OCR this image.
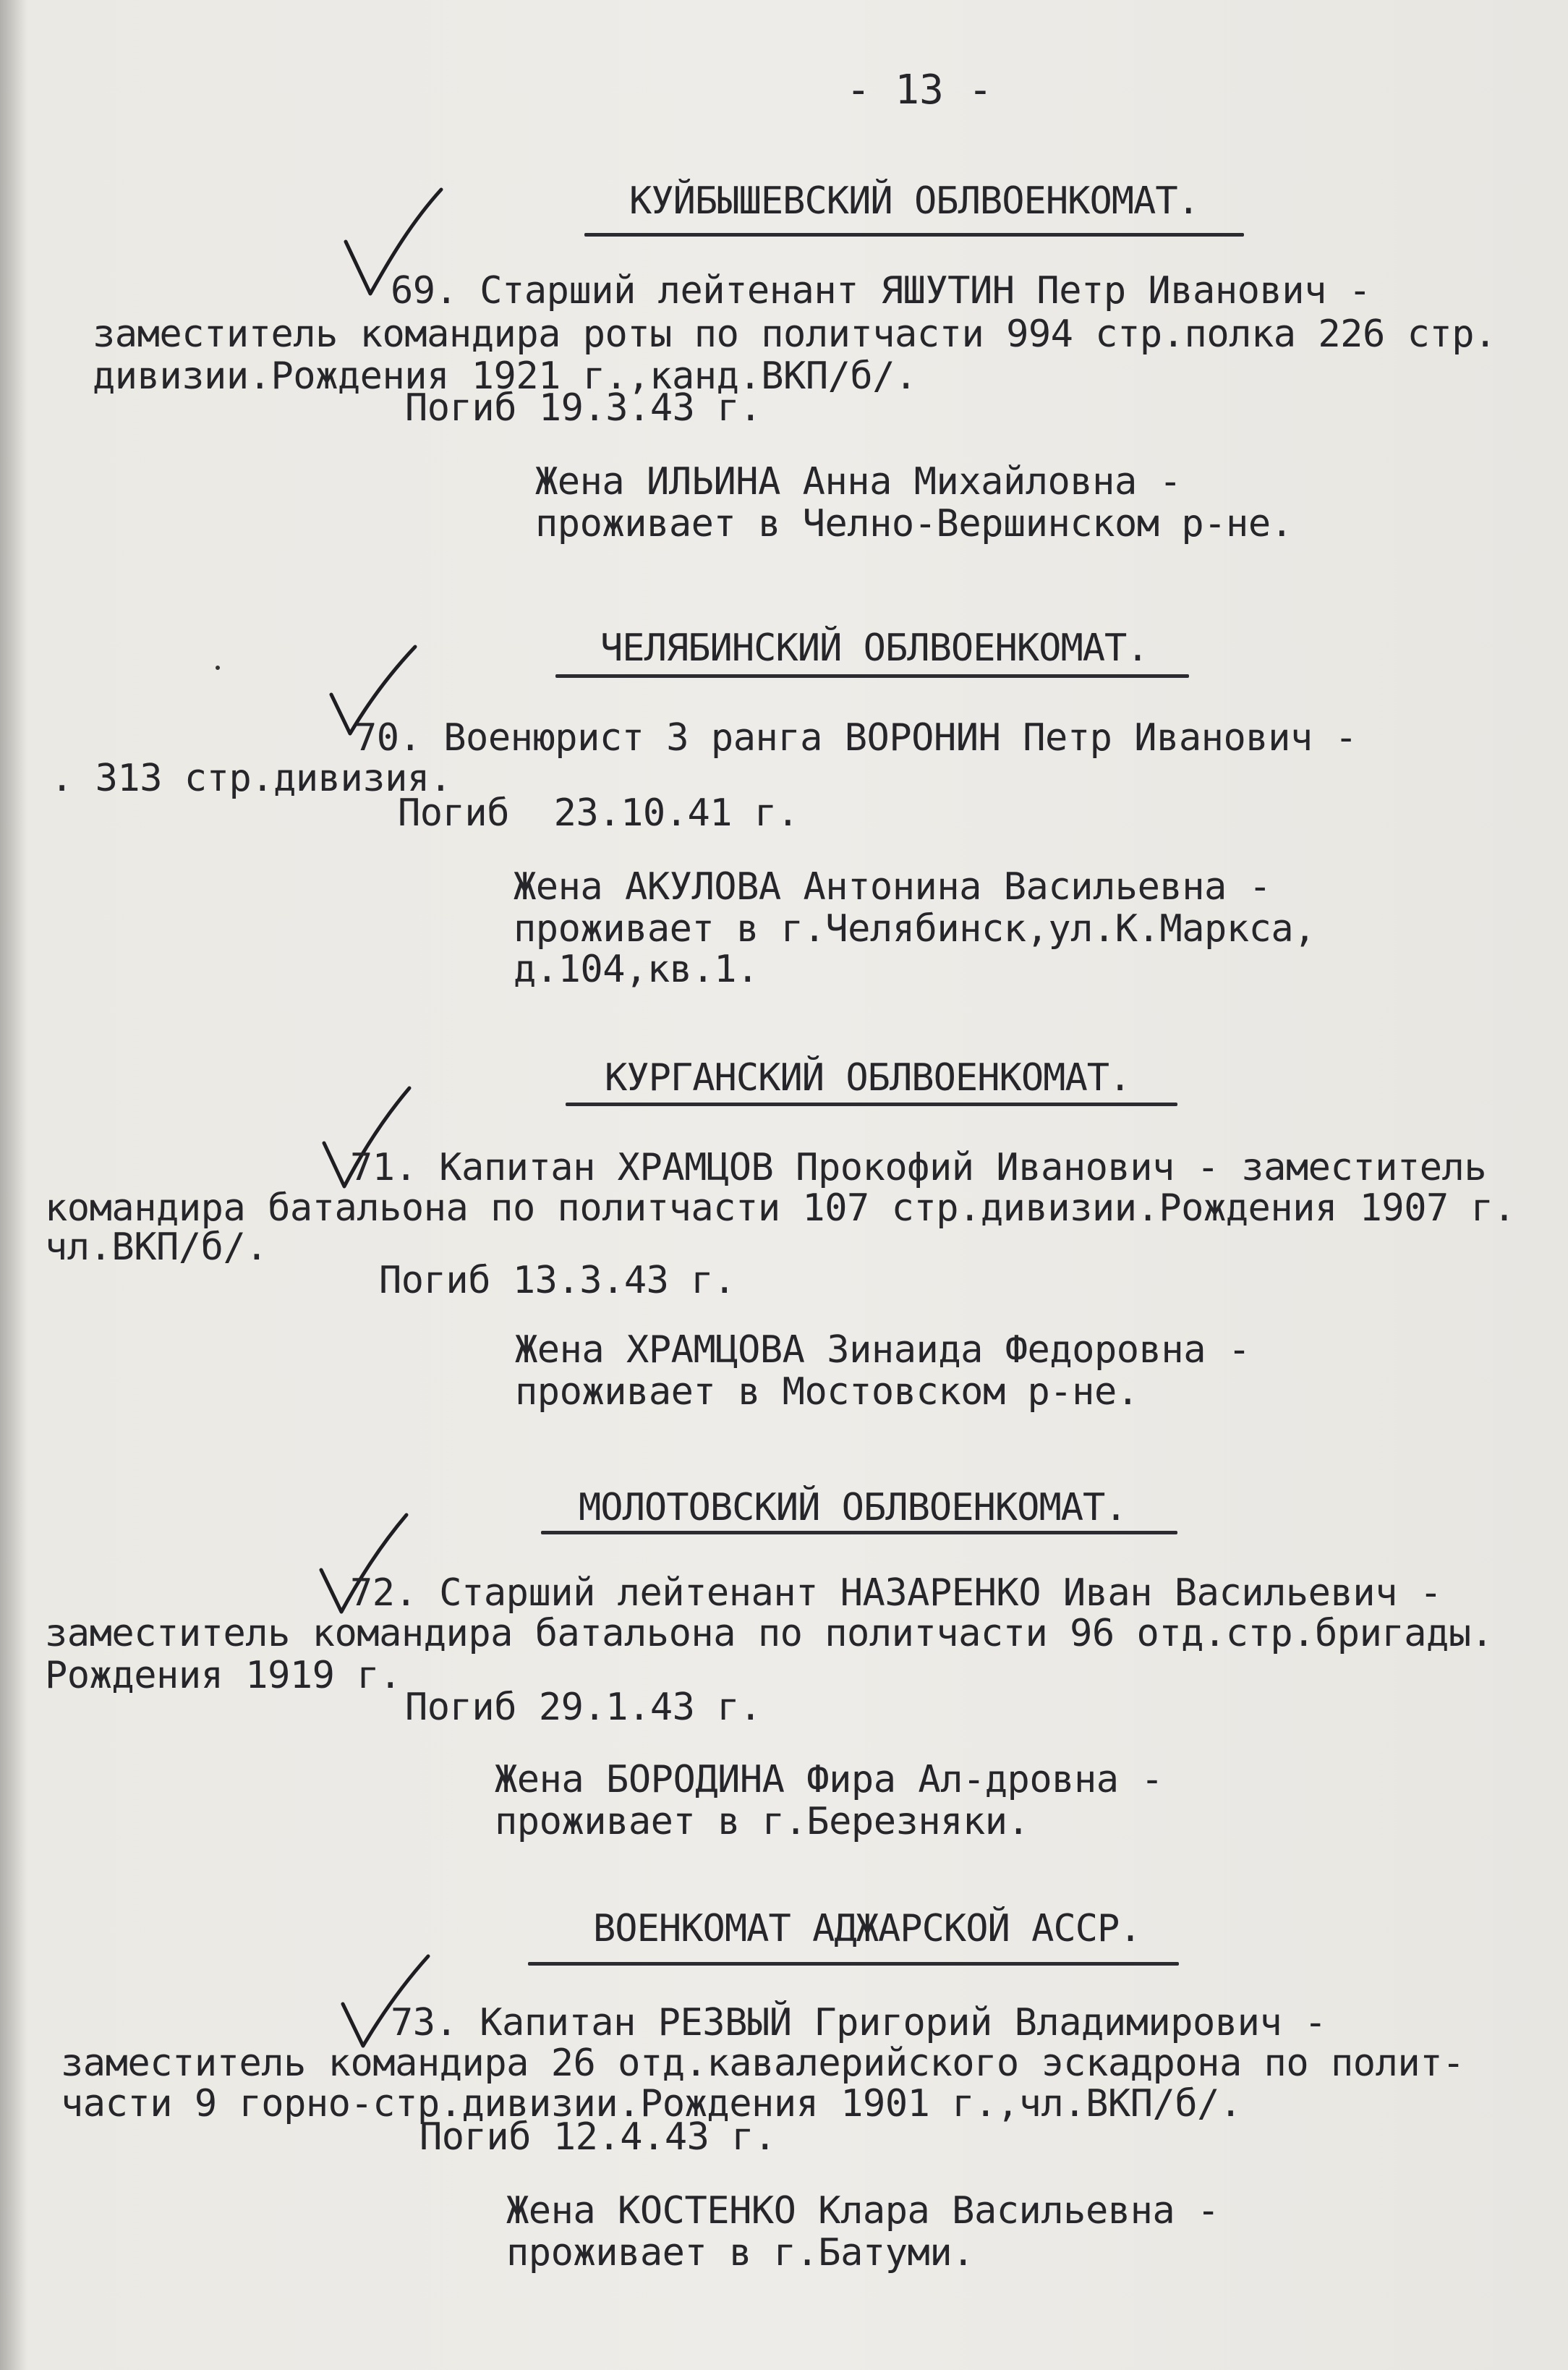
- 13 -
КУЙБЫШЕВСКИЙ ОБЛВОЕНКОМАТ.
69. Старший лейтенант ЯШУТИН Петр Иванович -
заместитель командира роты по политчасти 994 стр.полка 226 стр.
дивизии.Рождения 1921 г.,канд.ВКП/б/.
Погиб 19.3.43 г.
Жена ИЛЬИНА Анна Михайловна -
проживает в Челно-Вершинском р-не.
ЧЕЛЯБИНСКИЙ ОБЛВОЕНКОМАТ.
70. Военюрист 3 ранга ВОРОНИН Петр Иванович -
. 313 стр.дивизия.
Погиб  23.10.41 г.
Жена АКУЛОВА Антонина Васильевна -
проживает в г.Челябинск,ул.К.Маркса,
д.104,кв.1.
КУРГАНСКИЙ ОБЛВОЕНКОМАТ.
71. Капитан ХРАМЦОВ Прокофий Иванович - заместитель
командира батальона по политчасти 107 стр.дивизии.Рождения 1907 г.
чл.ВКП/б/.
Погиб 13.3.43 г.
Жена ХРАМЦОВА Зинаида Федоровна -
проживает в Мостовском р-не.
МОЛОТОВСКИЙ ОБЛВОЕНКОМАТ.
72. Старший лейтенант НАЗАРЕНКО Иван Васильевич -
заместитель командира батальона по политчасти 96 отд.стр.бригады.
Рождения 1919 г.
Погиб 29.1.43 г.
Жена БОРОДИНА Фира Ал-дровна -
проживает в г.Березняки.
ВОЕНКОМАТ АДЖАРСКОЙ АССР.
73. Капитан РЕЗВЫЙ Григорий Владимирович -
заместитель командира 26 отд.кавалерийского эскадрона по полит-
части 9 горно-стр.дивизии.Рождения 1901 г.,чл.ВКП/б/.
Погиб 12.4.43 г.
Жена КОСТЕНКО Клара Васильевна -
проживает в г.Батуми.
